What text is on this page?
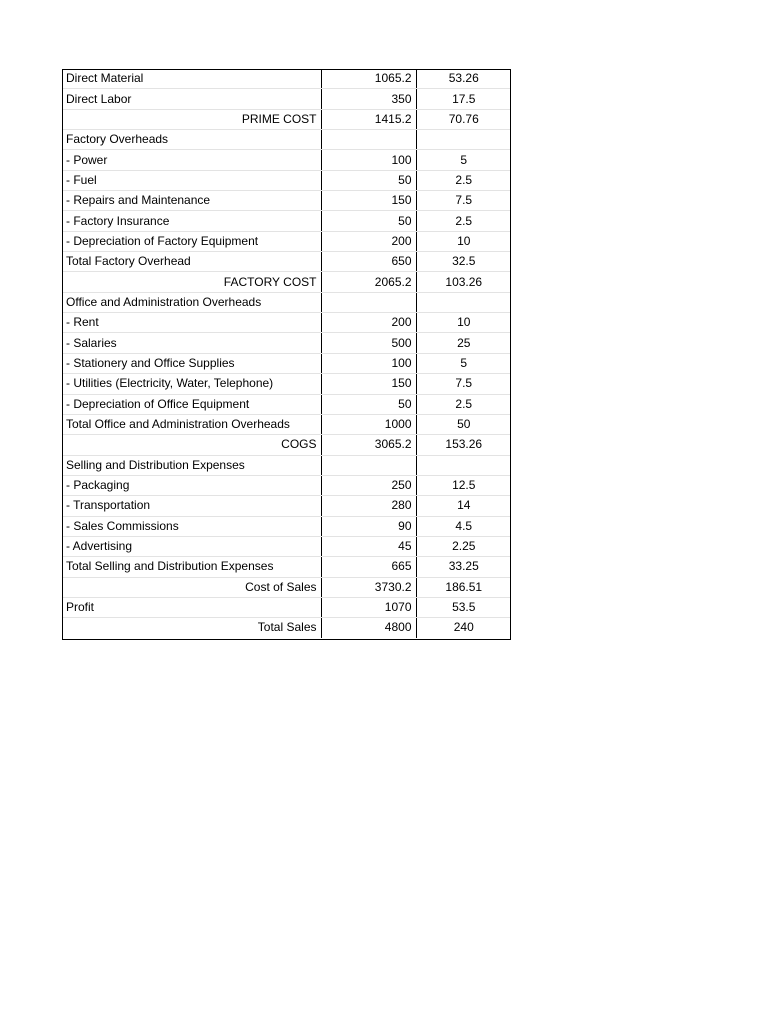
Direct Material	1065.2	53.26
Direct Labor	350	17.5
PRIME COST	1415.2	70.76
Factory Overheads		
- Power	100	5
- Fuel	50	2.5
- Repairs and Maintenance	150	7.5
- Factory Insurance	50	2.5
- Depreciation of Factory Equipment	200	10
Total Factory Overhead	650	32.5
FACTORY COST	2065.2	103.26
Office and Administration Overheads		
- Rent	200	10
- Salaries	500	25
- Stationery and Office Supplies	100	5
- Utilities (Electricity, Water, Telephone)	150	7.5
- Depreciation of Office Equipment	50	2.5
Total Office and Administration Overheads	1000	50
COGS	3065.2	153.26
Selling and Distribution Expenses		
- Packaging	250	12.5
- Transportation	280	14
- Sales Commissions	90	4.5
- Advertising	45	2.25
Total Selling and Distribution Expenses	665	33.25
Cost of Sales	3730.2	186.51
Profit	1070	53.5
Total Sales	4800	240
